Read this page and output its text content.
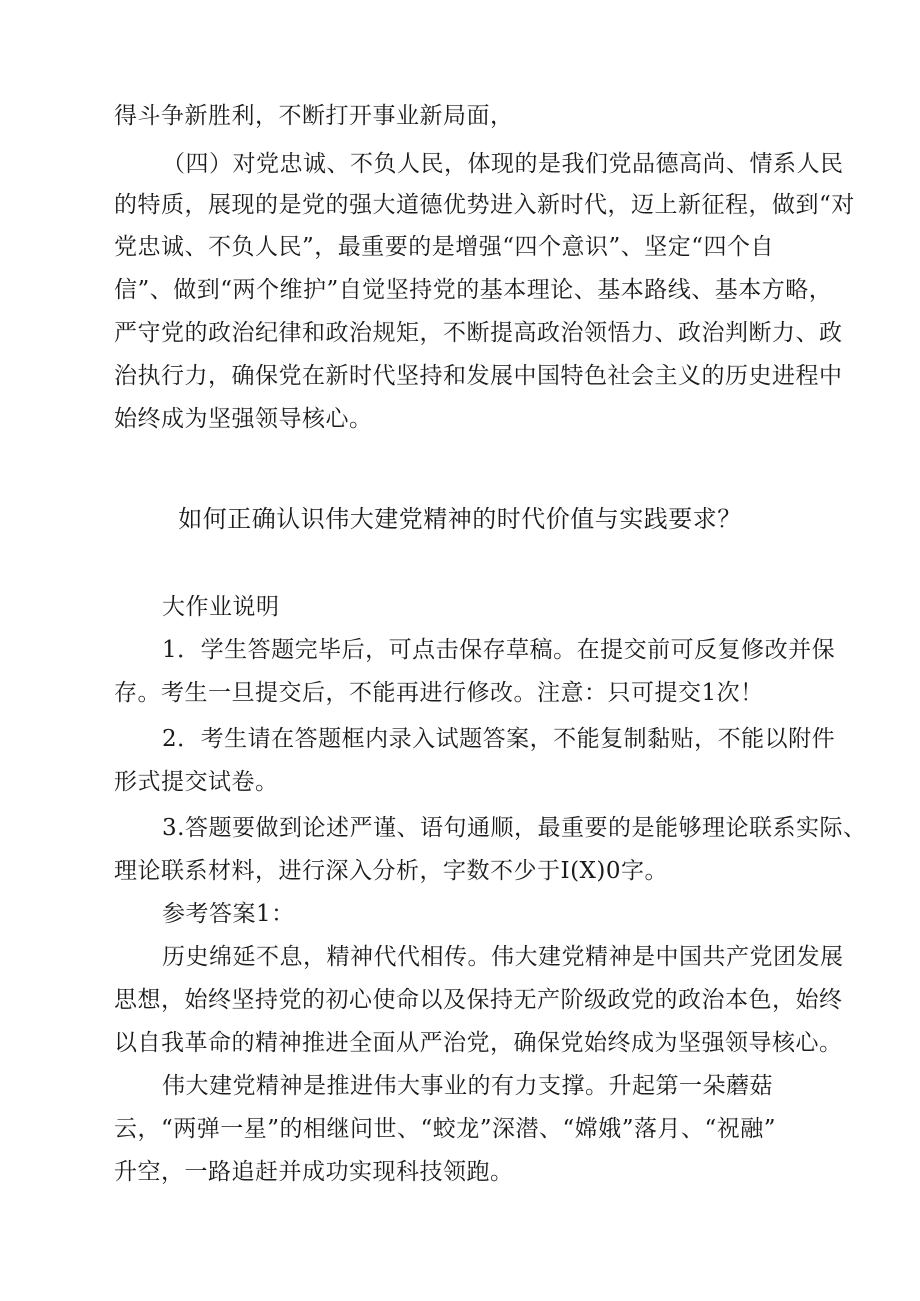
得斗争新胜利，不断打开事业新局面，
（四）对党忠诚、不负人民，体现的是我们党品德高尚、情系人民
的特质，展现的是党的强大道德优势进入新时代，迈上新征程，做到“对
党忠诚、不负人民”，最重要的是增强“四个意识”、坚定“四个自
信”、做到“两个维护”自觉坚持党的基本理论、基本路线、基本方略，
严守党的政治纪律和政治规矩，不断提高政治领悟力、政治判断力、政
治执行力，确保党在新时代坚持和发展中国特色社会主义的历史进程中
始终成为坚强领导核心。
如何正确认识伟大建党精神的时代价值与实践要求？
大作业说明
1．学生答题完毕后，可点击保存草稿。在提交前可反复修改并保
存。考生一旦提交后，不能再进行修改。注意：只可提交1次！
2．考生请在答题框内录入试题答案，不能复制黏贴，不能以附件
形式提交试卷。
3.答题要做到论述严谨、语句通顺，最重要的是能够理论联系实际、
理论联系材料，进行深入分析，字数不少于I(X)0字。
参考答案1：
历史绵延不息，精神代代相传。伟大建党精神是中国共产党团发展
思想，始终坚持党的初心使命以及保持无产阶级政党的政治本色，始终
以自我革命的精神推进全面从严治党，确保党始终成为坚强领导核心。
伟大建党精神是推进伟大事业的有力支撑。升起第一朵蘑菇
云，“两弹一星”的相继问世、“蛟龙”深潜、“嫦娥”落月、“祝融”
升空，一路追赶并成功实现科技领跑。
